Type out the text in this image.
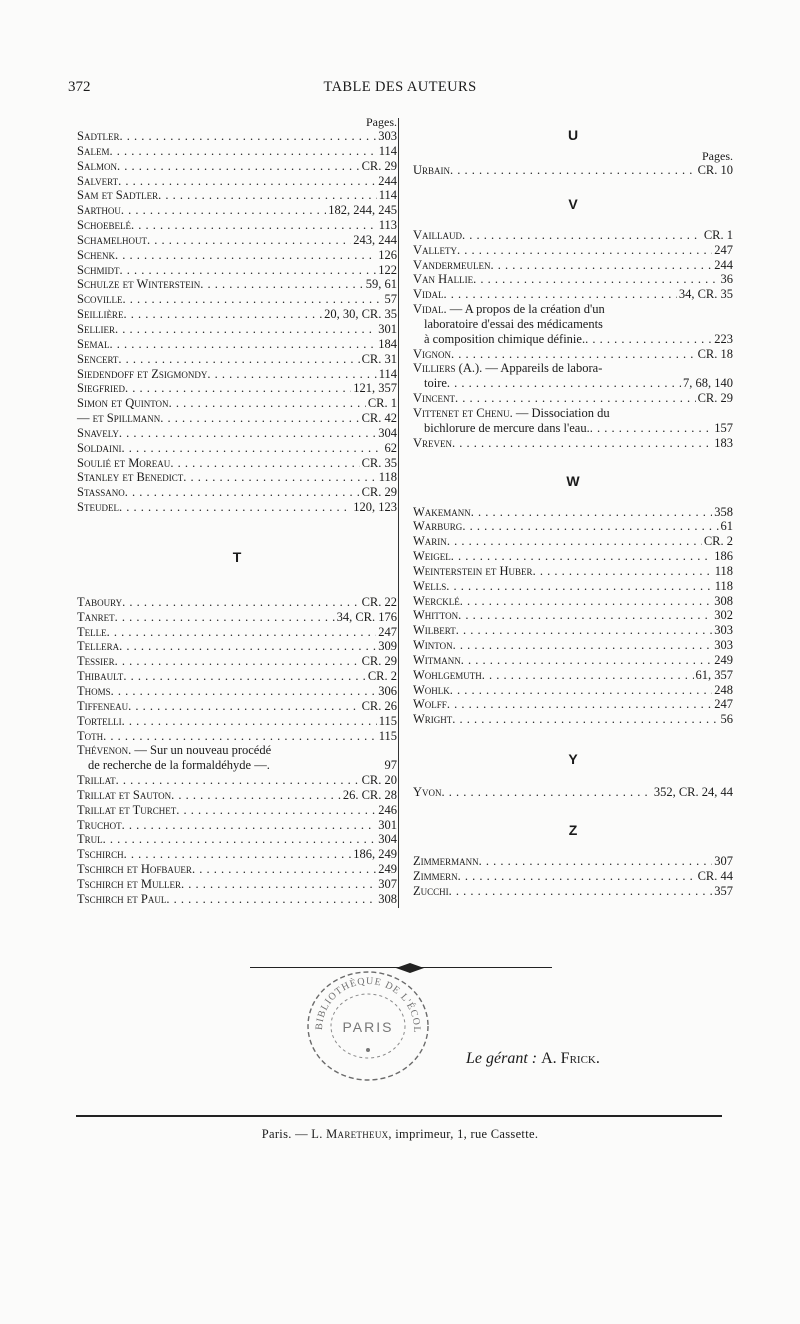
372	TABLE DES AUTEURS
Pages.
Sadtler . . .	303
Salem . . .	114
Salmon . . .	CR. 29
Salvert . . .	244
Sam et Sadtler . . .	114
Sarthou . . .	182, 244, 245
Schoebelé . . .	113
Schamelhout . . .	243, 244
Schenk . . .	126
Schmidt . . .	122
Schulze et Winterstein . . .	59, 61
Scoville . . .	57
Seillière . . .	20, 30, CR. 35
Sellier . . .	301
Semal . . .	184
Sencert . . .	CR. 31
Siedendoff et Zsigmondy . . .	114
Siegfried . . .	121, 357
Simon et Quinton . . .	CR. 1
— et Spillmann . . .	CR. 42
Snavely . . .	304
Soldaini . . .	62
Soulié et Moreau . . .	CR. 35
Stanley et Benedict . . .	118
Stassano . . .	CR. 29
Steudel . . .	120, 123
T
Taboury . . .	CR. 22
Tanret . . .	34, CR. 176
Telle . . .	247
Tellera . . .	309
Tessier . . .	CR. 29
Thibault . . .	CR. 2
Thoms . . .	306
Tiffeneau . . .	CR. 26
Tortelli . . .	115
Toth . . .	115
Thévenon. — Sur un nouveau procédé
de recherche de la formaldéhyde —.	97
Trillat . . .	CR. 20
Trillat et Sauton . . .	26. CR. 28
Trillat et Turchet . . .	246
Truchot . . .	301
Trul . . .	304
Tschirch . . .	186, 249
Tschirch et Hofbauer . . .	249
Tschirch et Muller . . .	307
Tschirch et Paul . . .	308
U
Pages.
Urbain . . .	CR. 10
V
Vaillaud . . .	CR. 1
Vallety . . .	247
Vandermeulen . . .	244
Van Hallie . . .	36
Vidal . . .	34, CR. 35
Vidal. — A propos de la création d'un
laboratoire d'essai des médicaments
à composition chimique définie. . . .	223
Vignon . . .	CR. 18
Villiers (A.). — Appareils de labora-
toire . . .	7, 68, 140
Vincent . . .	CR. 29
Vittenet et Chenu. — Dissociation du
bichlorure de mercure dans l'eau. . . .	157
Vreven . . .	183
W
Wakemann . . .	358
Warburg . . .	61
Warin . . .	CR. 2
Weigel . . .	186
Weinterstein et Huber . . .	118
Wells . . .	118
Wercklé . . .	308
Whitton . . .	302
Wilbert . . .	303
Winton . . .	303
Witmann . . .	249
Wohlgemuth . . .	61, 357
Wohlk . . .	248
Wolff . . .	247
Wright . . .	56
Y
Yvon . . .	352, CR. 24, 44
Z
Zimmermann . . .	307
Zimmern . . .	CR. 44
Zucchi . . .	357
BIBLIOTHÈQUE DE L'ÉCOL
PARIS
Le gérant : A. Frick.
Paris. — L. Maretheux, imprimeur, 1, rue Cassette.
